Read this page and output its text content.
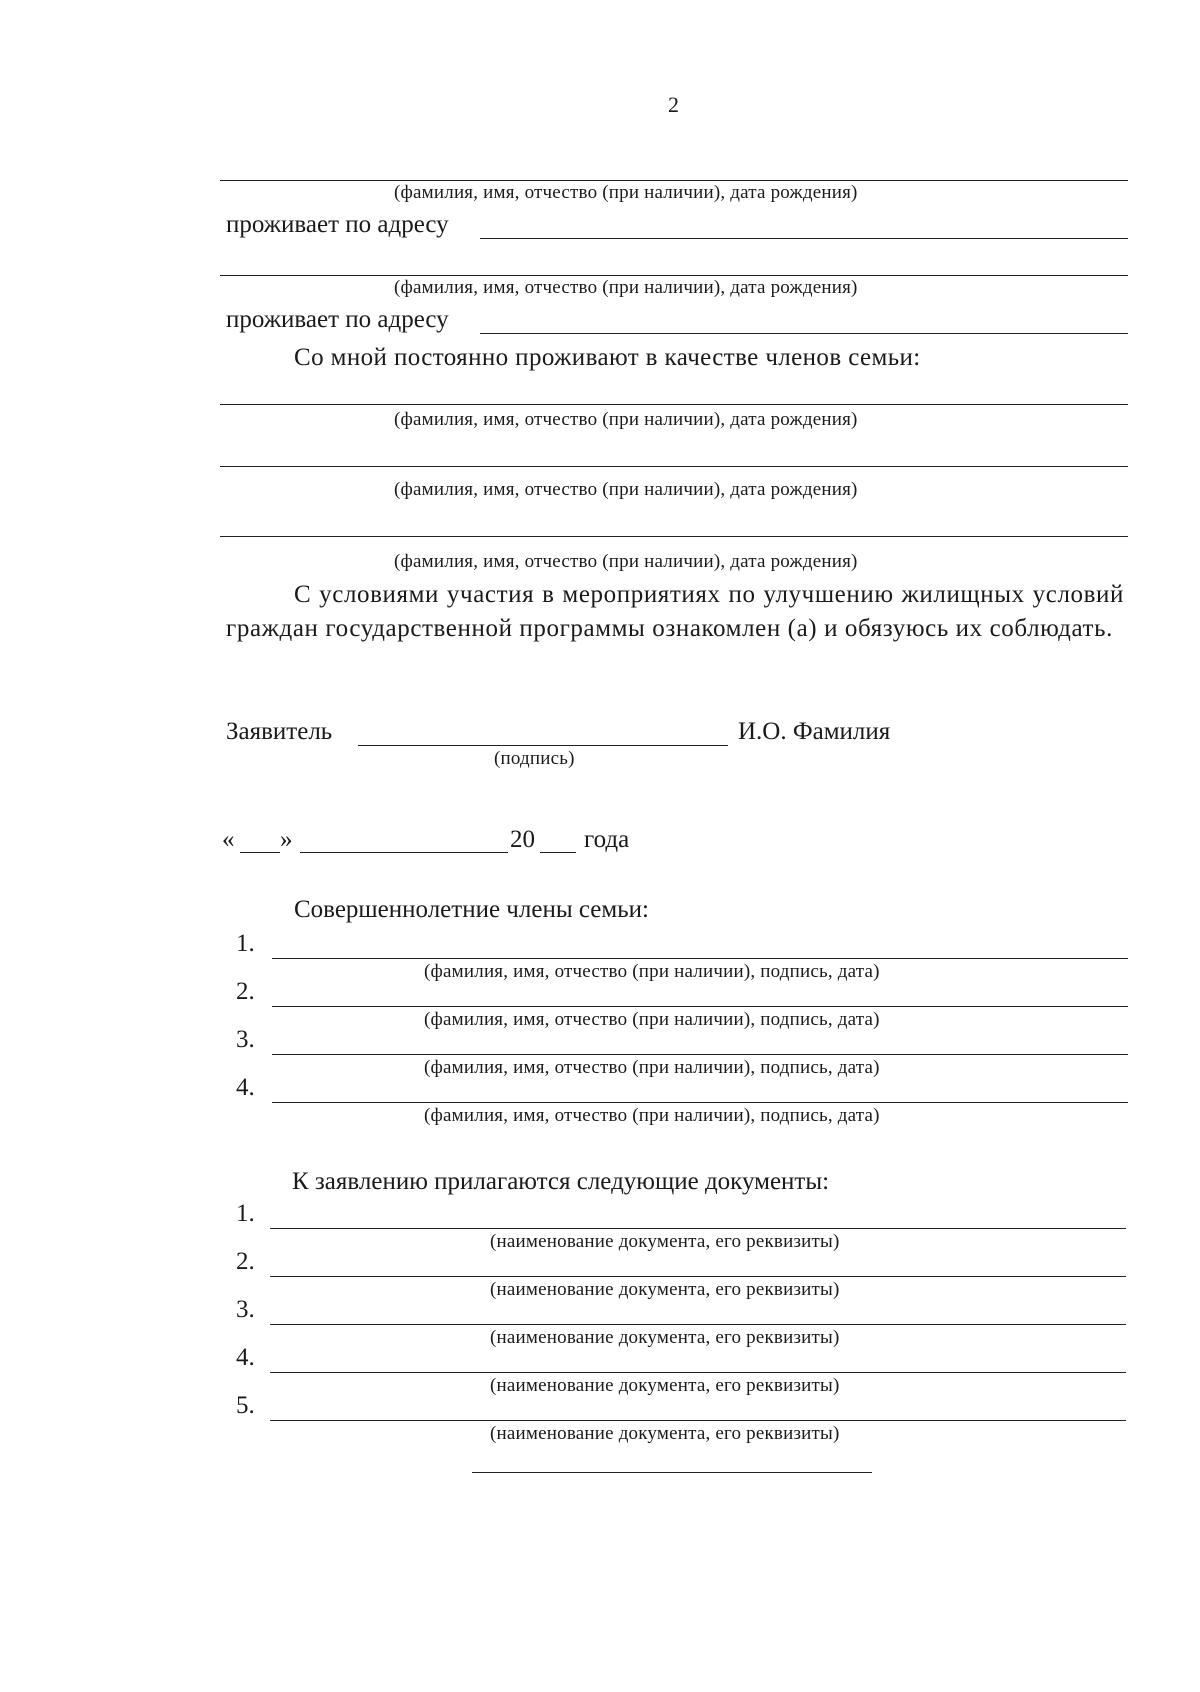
2
(фамилия, имя, отчество (при наличии), дата рождения)
проживает по адресу
(фамилия, имя, отчество (при наличии), дата рождения)
проживает по адресу
Со мной постоянно проживают в качестве членов семьи:
(фамилия, имя, отчество (при наличии), дата рождения)
(фамилия, имя, отчество (при наличии), дата рождения)
(фамилия, имя, отчество (при наличии), дата рождения)
С условиями участия в мероприятиях по улучшению жилищных условий граждан государственной программы ознакомлен (а) и обязуюсь их соблюдать.
Заявитель	И.О. Фамилия
(подпись)
« »	20 года
Совершеннолетние члены семьи:
1.
(фамилия, имя, отчество (при наличии), подпись, дата)
2.
(фамилия, имя, отчество (при наличии), подпись, дата)
3.
(фамилия, имя, отчество (при наличии), подпись, дата)
4.
(фамилия, имя, отчество (при наличии), подпись, дата)
К заявлению прилагаются следующие документы:
1.
(наименование документа, его реквизиты)
2.
(наименование документа, его реквизиты)
3.
(наименование документа, его реквизиты)
4.
(наименование документа, его реквизиты)
5.
(наименование документа, его реквизиты)
